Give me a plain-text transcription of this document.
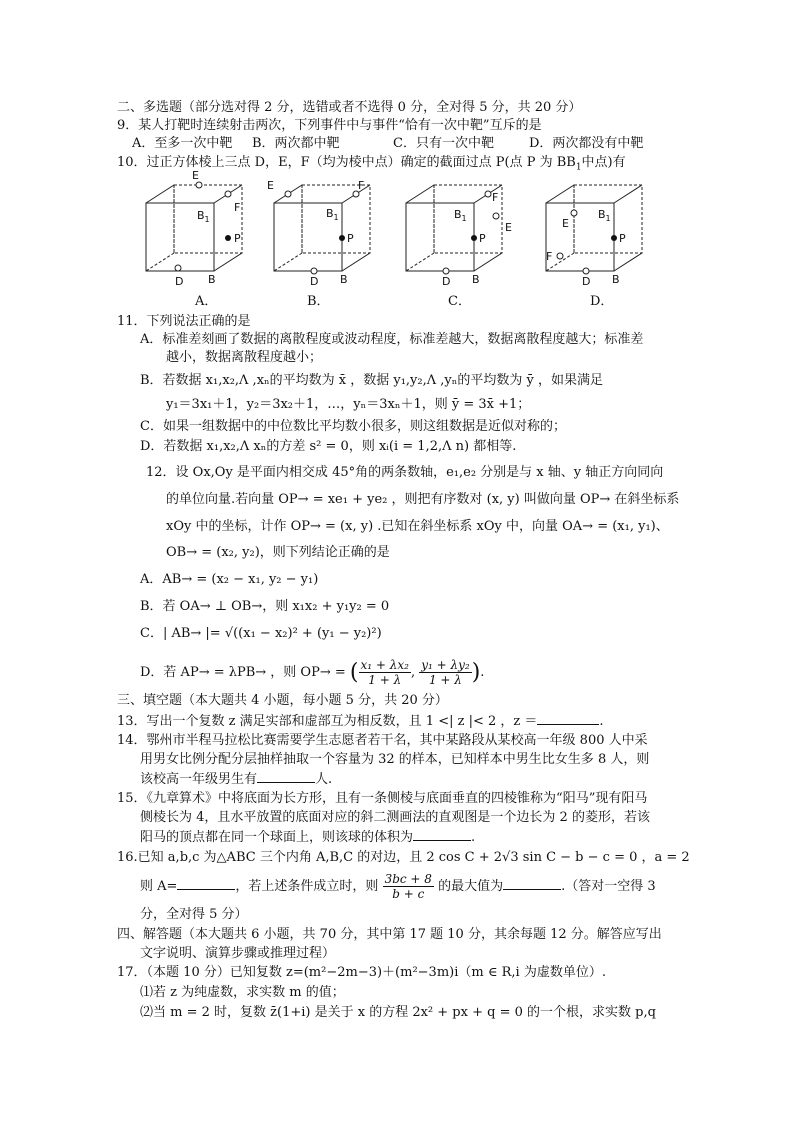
二、多选题（部分选对得 2 分，选错或者不选得 0 分，全对得 5 分，共 20 分）
9．某人打靶时连续射击两次，下列事件中与事件“恰有一次中靶”互斥的是
A．至多一次中靶 B．两次都中靶	C．只有一次中靶	D．两次都没有中靶
10．过正方体棱上三点 D，E，F（均为棱中点）确定的截面过点 P(点 P 为 $BB_1$中点)有
E
F
$B_1$
P
D B
A．
E	F
$B_1$
P
D B
B．
E
F
$B_1$
P
D B
C．
E
F
$B_1$
P
D B
D．
11．下列说法正确的是
A．标准差刻画了数据的离散程度或波动程度，标准差越大，数据离散程度越大；标准差
越小，数据离散程度越小；
B．若数据 x₁,x₂,Λ ,xₙ的平均数为 x̄ ，数据 y₁,y₂,Λ ,yₙ的平均数为 ȳ ，如果满足
y₁＝3x₁＋1，y₂＝3x₂＋1，…，yₙ＝3xₙ＋1，则 ȳ = 3x̄ +1；
C．如果一组数据中的中位数比平均数小很多，则这组数据是近似对称的；
D．若数据 x₁,x₂,Λ xₙ的方差 s² = 0，则 xᵢ(i = 1,2,Λ n) 都相等.
12．设 Ox,Oy 是平面内相交成 45°角的两条数轴，e₁,e₂ 分别是与 x 轴、y 轴正方向同向
的单位向量.若向量 OP→ = xe₁ + ye₂ ，则把有序数对 (x, y) 叫做向量 OP→ 在斜坐标系
xOy 中的坐标，计作 OP→ = (x, y) .已知在斜坐标系 xOy 中，向量 OA→ = (x₁, y₁)、
OB→ = (x₂, y₂)，则下列结论正确的是
A．AB→ = (x₂ − x₁, y₂ − y₁)
B．若 OA→ ⊥ OB→，则 x₁x₂ + y₁y₂ = 0
C．| AB→ |= √((x₁ − x₂)² + (y₁ − y₂)²)
D．若 AP→ = λPB→ ，则 OP→ = ( $\frac{\text{x₁ + λx₂}}{1 + \lambda}$ , $\frac{\text{y₁ + λy₂}}{1 + \lambda}$ ).
三、填空题（本大题共 4 小题，每小题 5 分，共 20 分）
13．写出一个复数 z 满足实部和虚部互为相反数，且 1 <| z |< 2 ，z ＝	.
14．鄂州市半程马拉松比赛需要学生志愿者若干名，其中某路段从某校高一年级 800 人中采
用男女比例分配分层抽样抽取一个容量为 32 的样本，已知样本中男生比女生多 8 人，则
该校高一年级男生有	人.
15．《九章算术》中将底面为长方形，且有一条侧棱与底面垂直的四棱锥称为“阳马”现有阳马
侧棱长为 4，且水平放置的底面对应的斜二测画法的直观图是一个边长为 2 的菱形，若该
阳马的顶点都在同一个球面上，则该球的体积为	.
16.已知 a,b,c 为△ABC 三个内角 A,B,C 的对边，且 2 cos C + 2√3 sin C − b − c = 0 ，a = 2
则 A=	，若上述条件成立时，则 $\frac{3bc + 8}{b + c}$ 的最大值为	.（答对一空得 3
分，全对得 5 分）
四、解答题（本大题共 6 小题，共 70 分，其中第 17 题 10 分，其余每题 12 分。解答应写出
文字说明、演算步骤或推理过程）
17．（本题 10 分）已知复数 z=(m²−2m−3)＋(m²−3m)i（m ∈ R,i 为虚数单位）.
⑴若 z 为纯虚数，求实数 m 的值；
⑵当 m = 2 时，复数 z̄(1+i) 是关于 x 的方程 2x² + px + q = 0 的一个根，求实数 p,q
